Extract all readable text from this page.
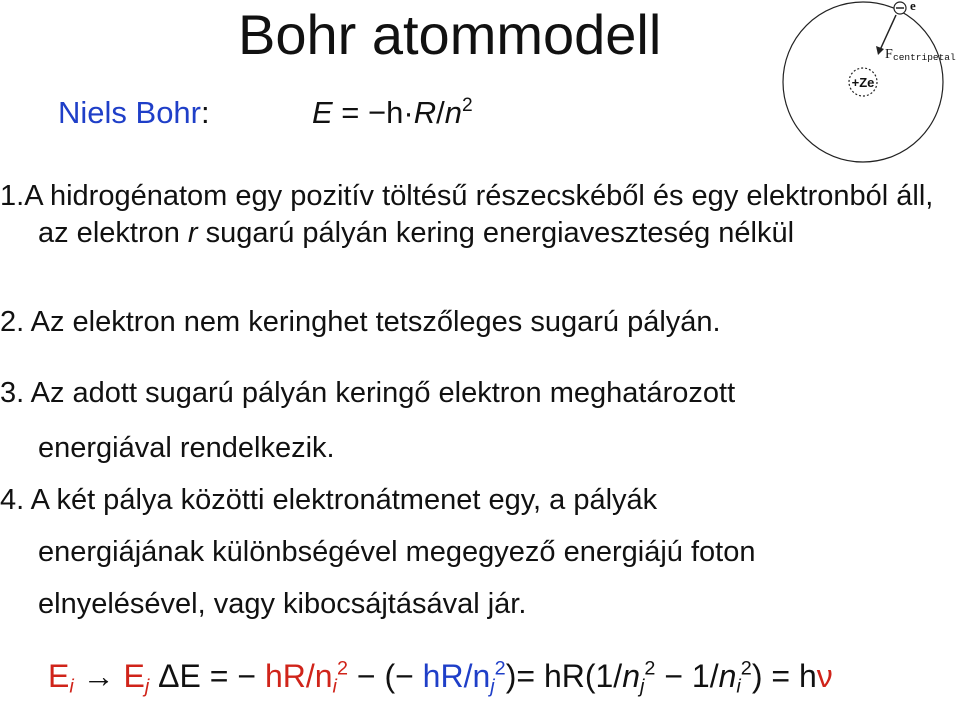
Bohr atommodell
Niels Bohr:	$E = -h\cdot R/n^2$
1.A hidrogénatom egy pozitív töltésű részecskéből és egy elektronból áll, az elektron r sugarú pályán kering energiaveszteség nélkül
2. Az elektron nem keringhet tetszőleges sugarú pályán.
3. Az adott sugarú pályán keringő elektron meghatározott
energiával rendelkezik.
4. A két pálya közötti elektronátmenet egy, a pályák
energiájának különbségével megegyező energiájú foton
elnyelésével, vagy kibocsájtásával jár.
$E_i \to E_j$ ΔE = − $hR/n_i^2$ − (− $hR/n_j^2)= hR(1/n_j^2 - 1/n_i^2) = h\nu$
+Ze
e
F centripetal
